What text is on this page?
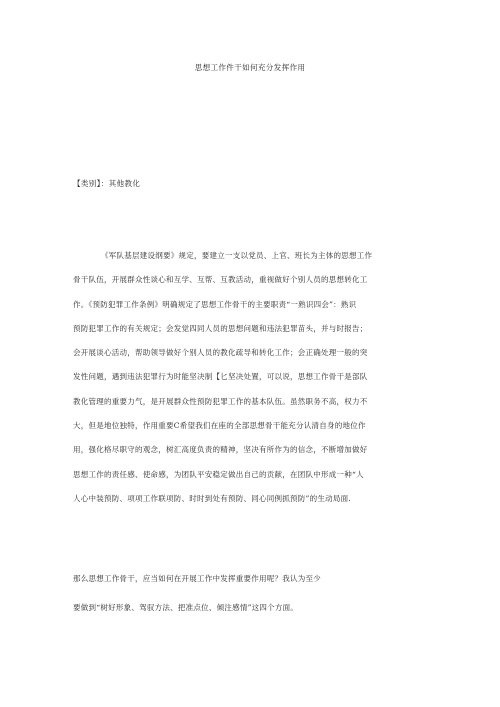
思想工作件干如何充分发挥作用
【类别】：其他教化
《军队基层建设纲要》规定，要建立一支以党员、上官、班长为主体的思想工作
骨干队伍，开展群众性谈心和互学、互帮、互教活动，重视做好个别人员的思想转化工
作。《预防犯罪工作条例》明确规定了思想工作骨干的主要职责“一熟识四会”：熟识
预防犯罪工作的有关规定；会发觉四同人员的思想问题和违法犯罪苗头，并与时报告；
会开展谈心活动，帮助领导做好个别人员的教化疏导和转化工作；会正确处理一般的突
发性问题，遇到违法犯罪行为时能坚决制【匕坚决处置，可以说，思想工作骨干是部队
教化管理的重要力气，是开展群众性预防犯罪工作的基本队伍。虽然职务不高，权力不
大，但是地位独特，作用重要C希望我们在座的全部思想骨干能充分认清自身的地位作
用，强化格尽职守的观念，树汇高度负责的精神，坚决有所作为的信念，不断增加做好
思想工作的责任感、使命感，为团队平安稳定做出自己的贡献，在团队中形成一种“人
人心中装预防、项项工作联项防、时时到处有预防、同心同例抓预防”的生动局面.
那么思想工作骨干，应当如何在开展工作中发挥重要作用呢？我认为至少
要做到“树好形象、驾驭方法、把准点位、倾注感情”这四个方面。
